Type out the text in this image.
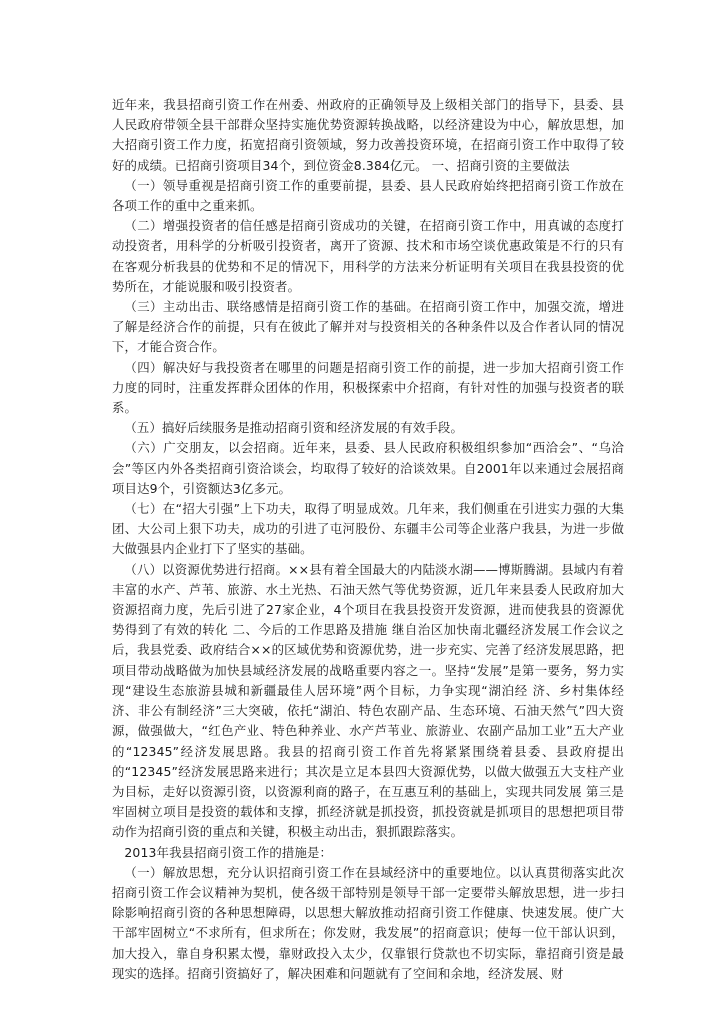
近年来，我县招商引资工作在州委、州政府的正确领导及上级相关部门的指导下，县委、县人民政府带领全县干部群众坚持实施优势资源转换战略，以经济建设为中心，解放思想，加大招商引资工作力度，拓宽招商引资领域，努力改善投资环境，在招商引资工作中取得了较好的成绩。已招商引资项目34个，到位资金8.384亿元。 一、招商引资的主要做法

（一）领导重视是招商引资工作的重要前提，县委、县人民政府始终把招商引资工作放在各项工作的重中之重来抓。

（二）增强投资者的信任感是招商引资成功的关键，在招商引资工作中，用真诚的态度打动投资者，用科学的分析吸引投资者，离开了资源、技术和市场空谈优惠政策是不行的只有在客观分析我县的优势和不足的情况下，用科学的方法来分析证明有关项目在我县投资的优势所在，才能说服和吸引投资者。

（三）主动出击、联络感情是招商引资工作的基础。在招商引资工作中，加强交流，增进了解是经济合作的前提，只有在彼此了解并对与投资相关的各种条件以及合作者认同的情况下，才能合资合作。

（四）解决好与我投资者在哪里的问题是招商引资工作的前提，进一步加大招商引资工作力度的同时，注重发挥群众团体的作用，积极探索中介招商，有针对性的加强与投资者的联系。

（五）搞好后续服务是推动招商引资和经济发展的有效手段。

（六）广交朋友，以会招商。近年来，县委、县人民政府积极组织参加“西洽会”、“乌洽会”等区内外各类招商引资洽谈会，均取得了较好的洽谈效果。自2001年以来通过会展招商项目达9个，引资额达3亿多元。

（七）在“招大引强”上下功夫，取得了明显成效。几年来，我们侧重在引进实力强的大集团、大公司上狠下功夫，成功的引进了屯河股份、东疆丰公司等企业落户我县，为进一步做大做强县内企业打下了坚实的基础。

（八）以资源优势进行招商。××县有着全国最大的内陆淡水湖——博斯腾湖。县域内有着丰富的水产、芦苇、旅游、水土光热、石油天然气等优势资源，近几年来县委人民政府加大资源招商力度，先后引进了27家企业，4个项目在我县投资开发资源，进而使我县的资源优势得到了有效的转化 二、今后的工作思路及措施 继自治区加快南北疆经济发展工作会议之后，我县党委、政府结合××的区域优势和资源优势，进一步充实、完善了经济发展思路，把项目带动战略做为加快县域经济发展的战略重要内容之一。坚持“发展”是第一要务，努力实现“建设生态旅游县城和新疆最佳人居环境”两个目标，力争实现“湖泊经 济、乡村集体经济、非公有制经济”三大突破，依托“湖泊、特色农副产品、生态环境、石油天然气”四大资源，做强做大，“红色产业、特色种养业、水产芦苇业、旅游业、农副产品加工业”五大产业的“12345”经济发展思路。我县的招商引资工作首先将紧紧围绕着县委、县政府提出的“12345”经济发展思路来进行；其次是立足本县四大资源优势，以做大做强五大支柱产业为目标，走好以资源引资，以资源利商的路子，在互惠互利的基础上，实现共同发展 第三是牢固树立项目是投资的载体和支撑，抓经济就是抓投资，抓投资就是抓项目的思想把项目带动作为招商引资的重点和关键，积极主动出击，狠抓跟踪落实。

2013年我县招商引资工作的措施是：

（一）解放思想，充分认识招商引资工作在县域经济中的重要地位。以认真贯彻落实此次招商引资工作会议精神为契机，使各级干部特别是领导干部一定要带头解放思想，进一步扫除影响招商引资的各种思想障碍，以思想大解放推动招商引资工作健康、快速发展。使广大干部牢固树立“不求所有，但求所在；你发财，我发展”的招商意识；使每一位干部认识到，加大投入，靠自身积累太慢，靠财政投入太少，仅靠银行贷款也不切实际，靠招商引资是最现实的选择。招商引资搞好了，解决困难和问题就有了空间和余地，经济发展、财
